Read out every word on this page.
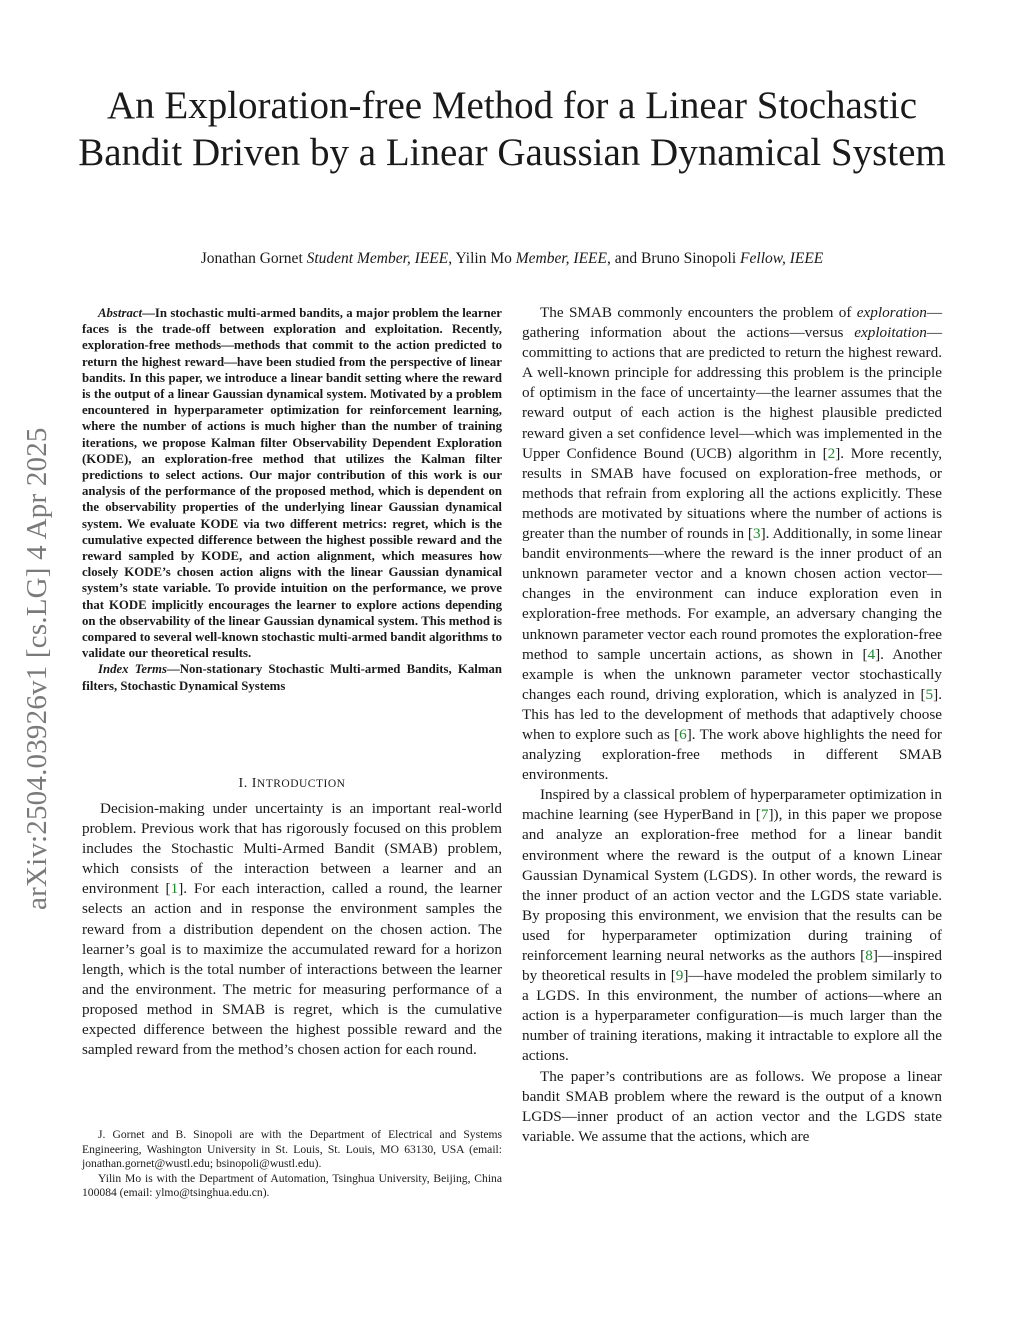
arXiv:2504.03926v1 [cs.LG] 4 Apr 2025
An Exploration-free Method for a Linear Stochastic Bandit Driven by a Linear Gaussian Dynamical System
Jonathan Gornet Student Member, IEEE, Yilin Mo Member, IEEE, and Bruno Sinopoli Fellow, IEEE

Abstract—In stochastic multi-armed bandits, a major problem the learner faces is the trade-off between exploration and exploitation. Recently, exploration-free methods—methods that commit to the action predicted to return the highest reward—have been studied from the perspective of linear bandits. In this paper, we introduce a linear bandit setting where the reward is the output of a linear Gaussian dynamical system. Motivated by a problem encountered in hyperparameter optimization for reinforcement learning, where the number of actions is much higher than the number of training iterations, we propose Kalman filter Observability Dependent Exploration (KODE), an exploration-free method that utilizes the Kalman filter predictions to select actions. Our major contribution of this work is our analysis of the performance of the proposed method, which is dependent on the observability properties of the underlying linear Gaussian dynamical system. We evaluate KODE via two different metrics: regret, which is the cumulative expected difference between the highest possible reward and the reward sampled by KODE, and action alignment, which measures how closely KODE’s chosen action aligns with the linear Gaussian dynamical system’s state variable. To provide intuition on the performance, we prove that KODE implicitly encourages the learner to explore actions depending on the observability of the linear Gaussian dynamical system. This method is compared to several well-known stochastic multi-armed bandit algorithms to validate our theoretical results.

Index Terms—Non-stationary Stochastic Multi-armed Bandits, Kalman filters, Stochastic Dynamical Systems

I. INTRODUCTION

Decision-making under uncertainty is an important real-world problem. Previous work that has rigorously focused on this problem includes the Stochastic Multi-Armed Bandit (SMAB) problem, which consists of the interaction between a learner and an environment [1]. For each interaction, called a round, the learner selects an action and in response the environment samples the reward from a distribution dependent on the chosen action. The learner’s goal is to maximize the accumulated reward for a horizon length, which is the total number of interactions between the learner and the environment. The metric for measuring performance of a proposed method in SMAB is regret, which is the cumulative expected difference between the highest possible reward and the sampled reward from the method’s chosen action for each round.

J. Gornet and B. Sinopoli are with the Department of Electrical and Systems Engineering, Washington University in St. Louis, St. Louis, MO 63130, USA (email: jonathan.gornet@wustl.edu; bsinopoli@wustl.edu).

Yilin Mo is with the Department of Automation, Tsinghua University, Beijing, China 100084 (email: ylmo@tsinghua.edu.cn).

The SMAB commonly encounters the problem of exploration—gathering information about the actions—versus exploitation—committing to actions that are predicted to return the highest reward. A well-known principle for addressing this problem is the principle of optimism in the face of uncertainty—the learner assumes that the reward output of each action is the highest plausible predicted reward given a set confidence level—which was implemented in the Upper Confidence Bound (UCB) algorithm in [2]. More recently, results in SMAB have focused on exploration-free methods, or methods that refrain from exploring all the actions explicitly. These methods are motivated by situations where the number of actions is greater than the number of rounds in [3]. Additionally, in some linear bandit environments—where the reward is the inner product of an unknown parameter vector and a known chosen action vector—changes in the environment can induce exploration even in exploration-free methods. For example, an adversary changing the unknown parameter vector each round promotes the exploration-free method to sample uncertain actions, as shown in [4]. Another example is when the unknown parameter vector stochastically changes each round, driving exploration, which is analyzed in [5]. This has led to the development of methods that adaptively choose when to explore such as [6]. The work above highlights the need for analyzing exploration-free methods in different SMAB environments.

Inspired by a classical problem of hyperparameter optimization in machine learning (see HyperBand in [7]), in this paper we propose and analyze an exploration-free method for a linear bandit environment where the reward is the output of a known Linear Gaussian Dynamical System (LGDS). In other words, the reward is the inner product of an action vector and the LGDS state variable. By proposing this environment, we envision that the results can be used for hyperparameter optimization during training of reinforcement learning neural networks as the authors [8]—inspired by theoretical results in [9]—have modeled the problem similarly to a LGDS. In this environment, the number of actions—where an action is a hyperparameter configuration—is much larger than the number of training iterations, making it intractable to explore all the actions.

The paper’s contributions are as follows. We propose a linear bandit SMAB problem where the reward is the output of a known LGDS—inner product of an action vector and the LGDS state variable. We assume that the actions, which are
